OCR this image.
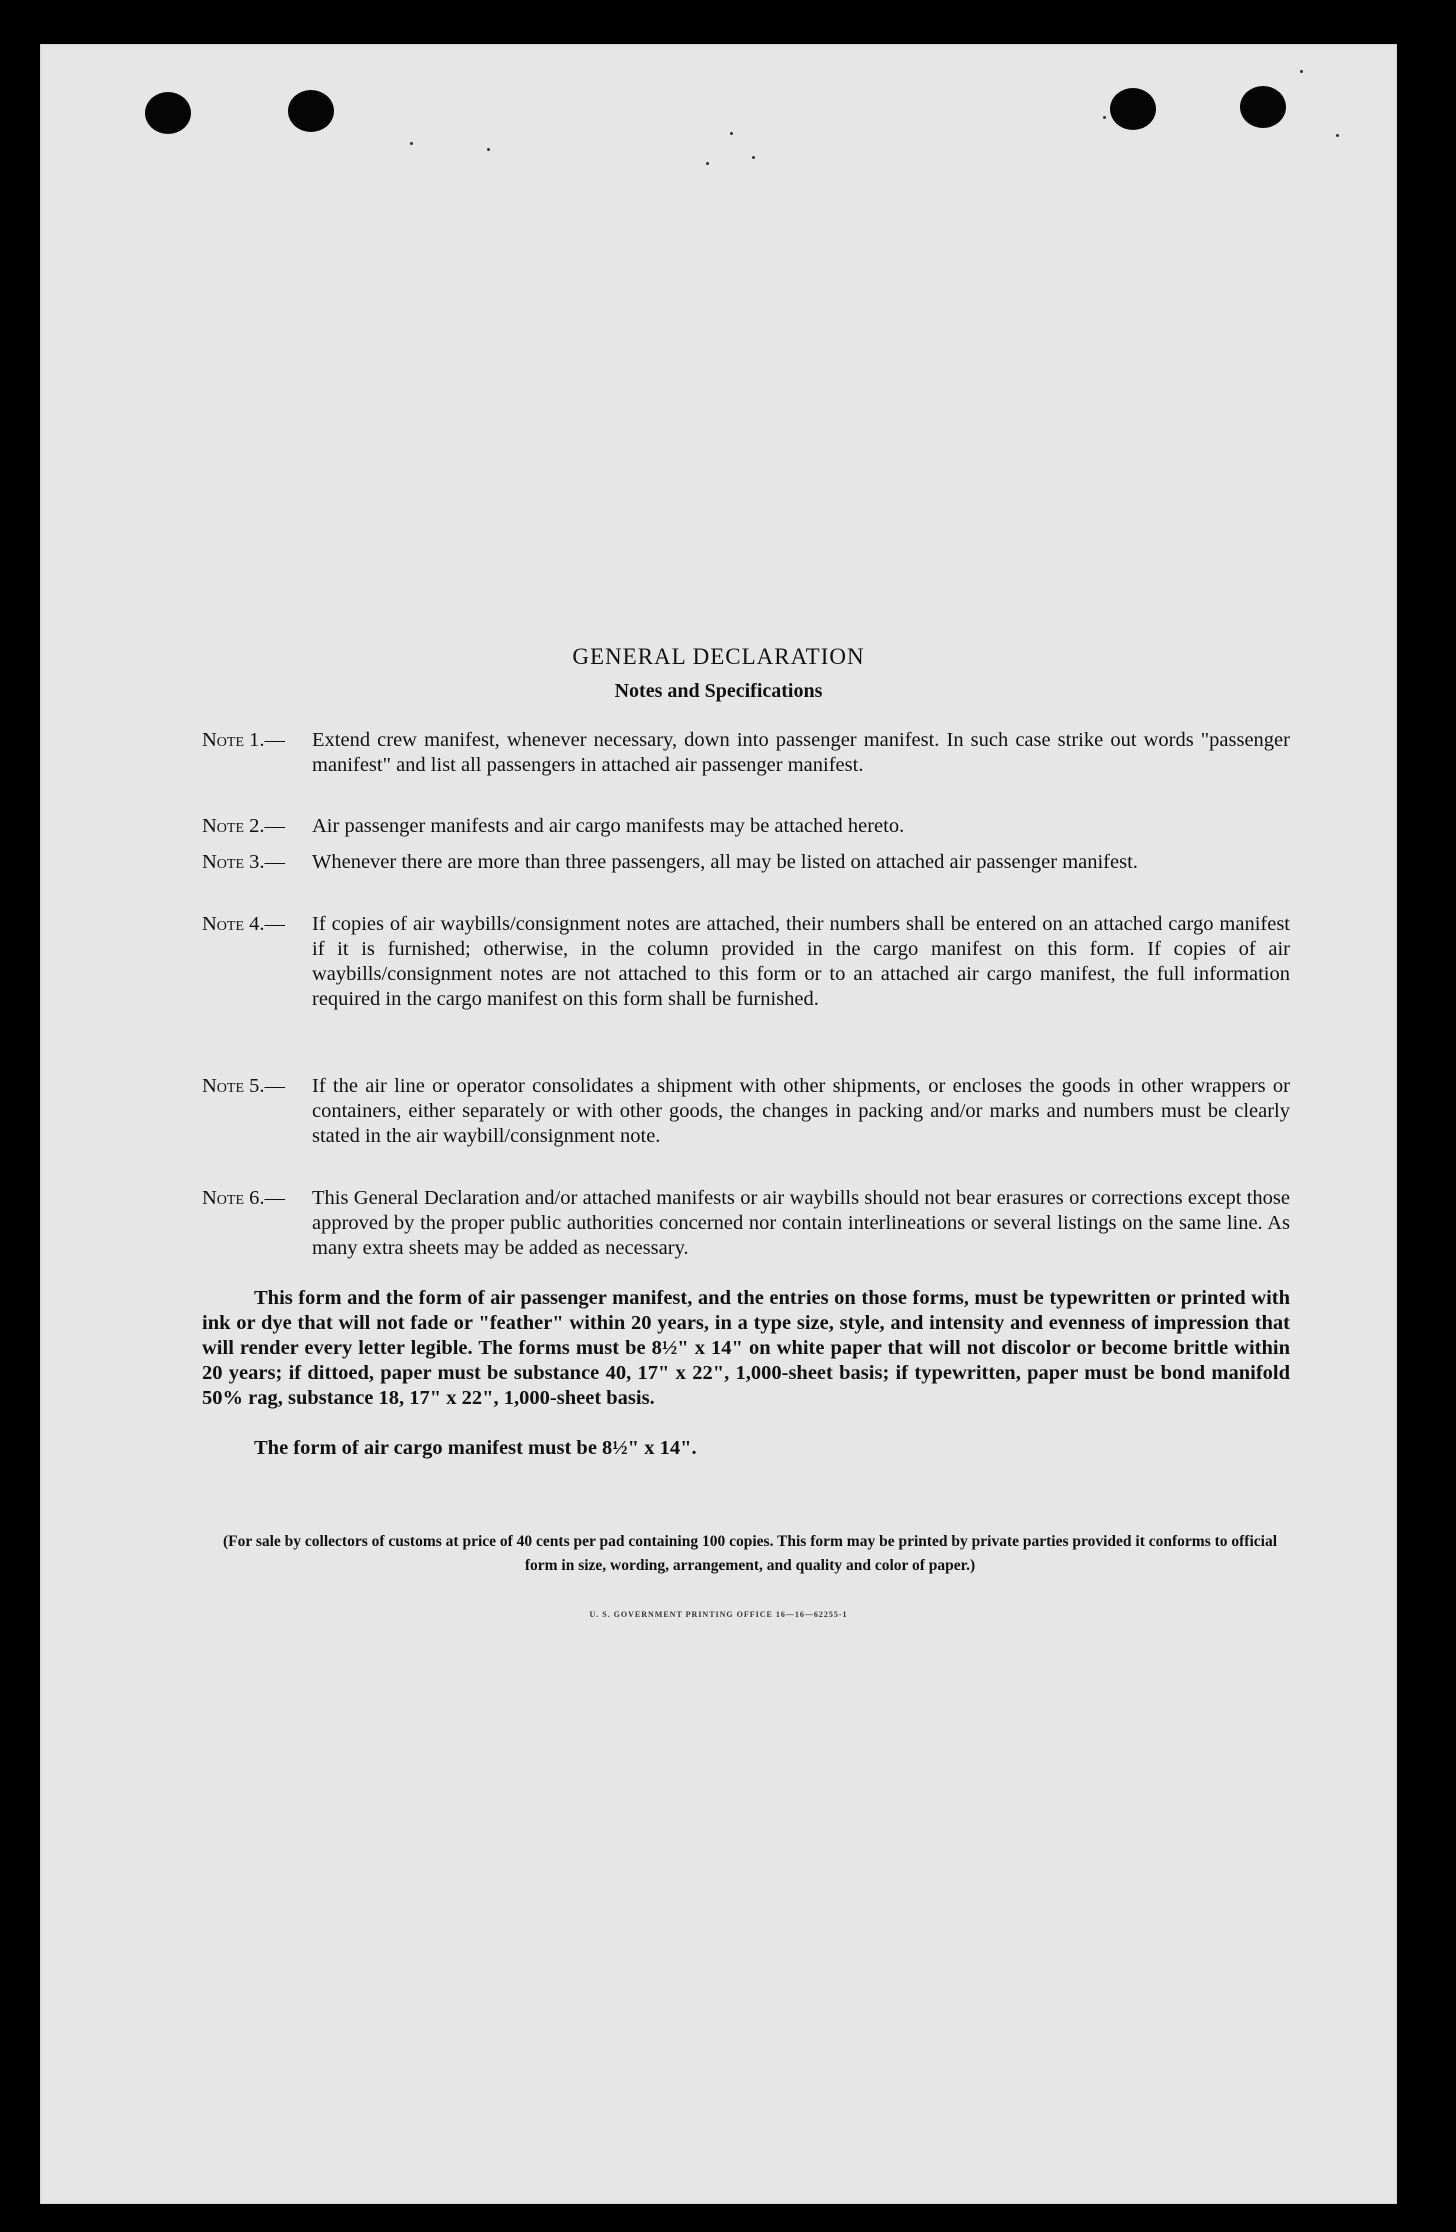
GENERAL DECLARATION
Notes and Specifications
Note 1.—	Extend crew manifest, whenever necessary, down into passenger manifest. In such case strike out words "passenger manifest" and list all passengers in attached air passenger manifest.
Note 2.—	Air passenger manifests and air cargo manifests may be attached hereto.
Note 3.—	Whenever there are more than three passengers, all may be listed on attached air passenger manifest.
Note 4.—	If copies of air waybills/consignment notes are attached, their numbers shall be entered on an attached cargo manifest if it is furnished; otherwise, in the column provided in the cargo manifest on this form. If copies of air waybills/consignment notes are not attached to this form or to an attached air cargo manifest, the full information required in the cargo manifest on this form shall be furnished.
Note 5.—	If the air line or operator consolidates a shipment with other shipments, or encloses the goods in other wrappers or containers, either separately or with other goods, the changes in packing and/or marks and numbers must be clearly stated in the air waybill/consignment note.
Note 6.—	This General Declaration and/or attached manifests or air waybills should not bear erasures or corrections except those approved by the proper public authorities concerned nor contain interlineations or several listings on the same line. As many extra sheets may be added as necessary.
This form and the form of air passenger manifest, and the entries on those forms, must be typewritten or printed with ink or dye that will not fade or "feather" within 20 years, in a type size, style, and intensity and evenness of impression that will render every letter legible. The forms must be 8½" x 14" on white paper that will not discolor or become brittle within 20 years; if dittoed, paper must be substance 40, 17" x 22", 1,000-sheet basis; if typewritten, paper must be bond manifold 50% rag, substance 18, 17" x 22", 1,000-sheet basis.
The form of air cargo manifest must be 8½" x 14".
(For sale by collectors of customs at price of 40 cents per pad containing 100 copies. This form may be printed by private parties provided it conforms to official form in size, wording, arrangement, and quality and color of paper.)
U. S. GOVERNMENT PRINTING OFFICE 16—16—62255-1
